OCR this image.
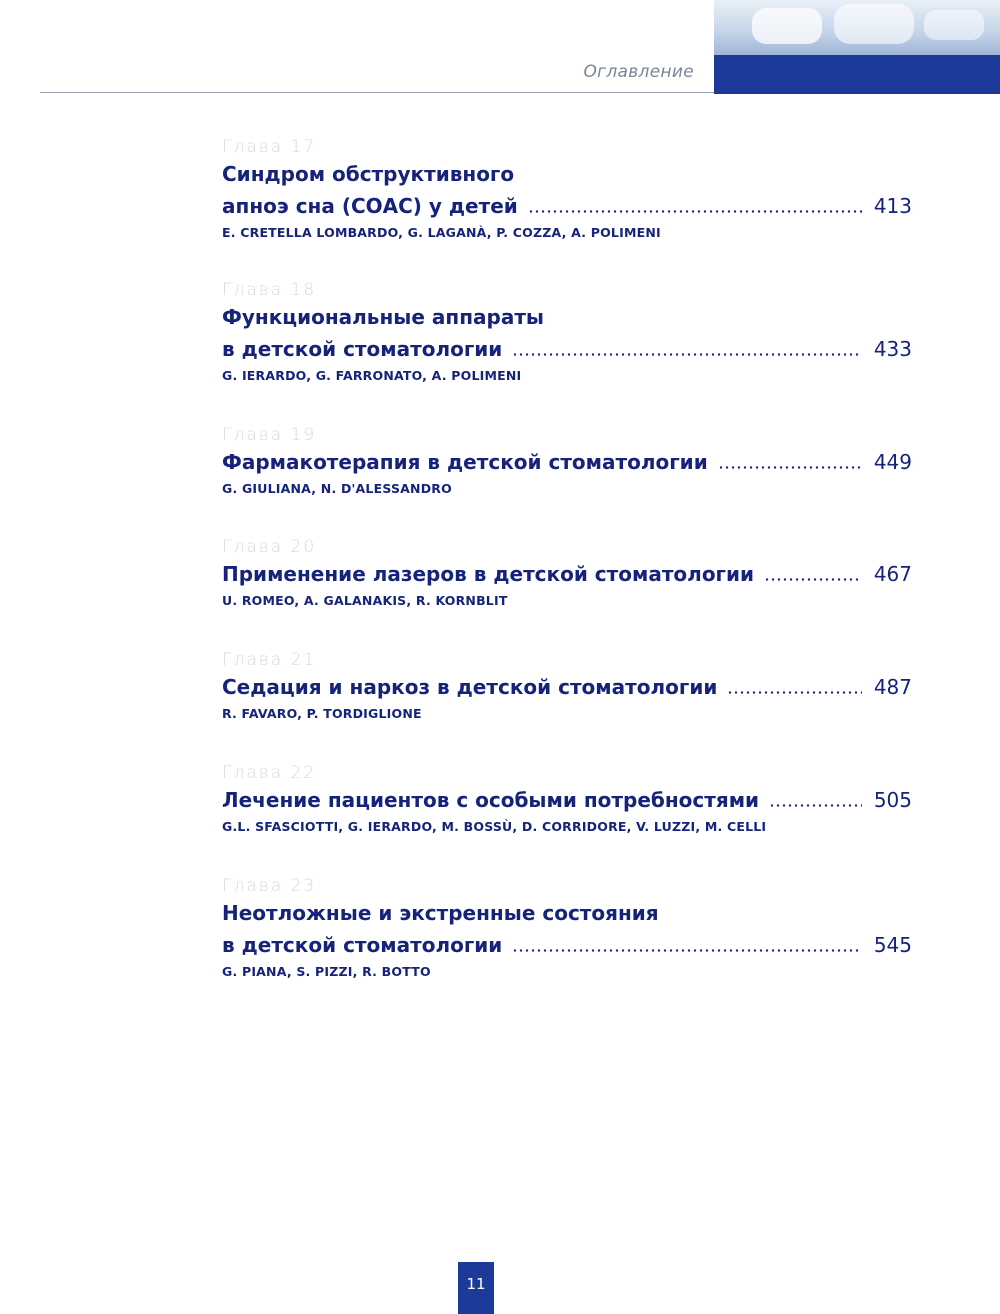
Оглавление
Глава 17
Синдром обструктивного
апноэ сна (СОАС) у детей	413
E. CRETELLA LOMBARDO, G. LAGANÀ, P. COZZA, A. POLIMENI
Глава 18
Функциональные аппараты
в детской стоматологии	433
G. IERARDO, G. FARRONATO, A. POLIMENI
Глава 19
Фармакотерапия в детской стоматологии	449
G. GIULIANA, N. D'ALESSANDRO
Глава 20
Применение лазеров в детской стоматологии	467
U. ROMEO, A. GALANAKIS, R. KORNBLIT
Глава 21
Седация и наркоз в детской стоматологии	487
R. FAVARO, P. TORDIGLIONE
Глава 22
Лечение пациентов с особыми потребностями	505
G.L. SFASCIOTTI, G. IERARDO, M. BOSSÙ, D. CORRIDORE, V. LUZZI, M. CELLI
Глава 23
Неотложные и экстренные состояния
в детской стоматологии	545
G. PIANA, S. PIZZI, R. BOTTO
11
